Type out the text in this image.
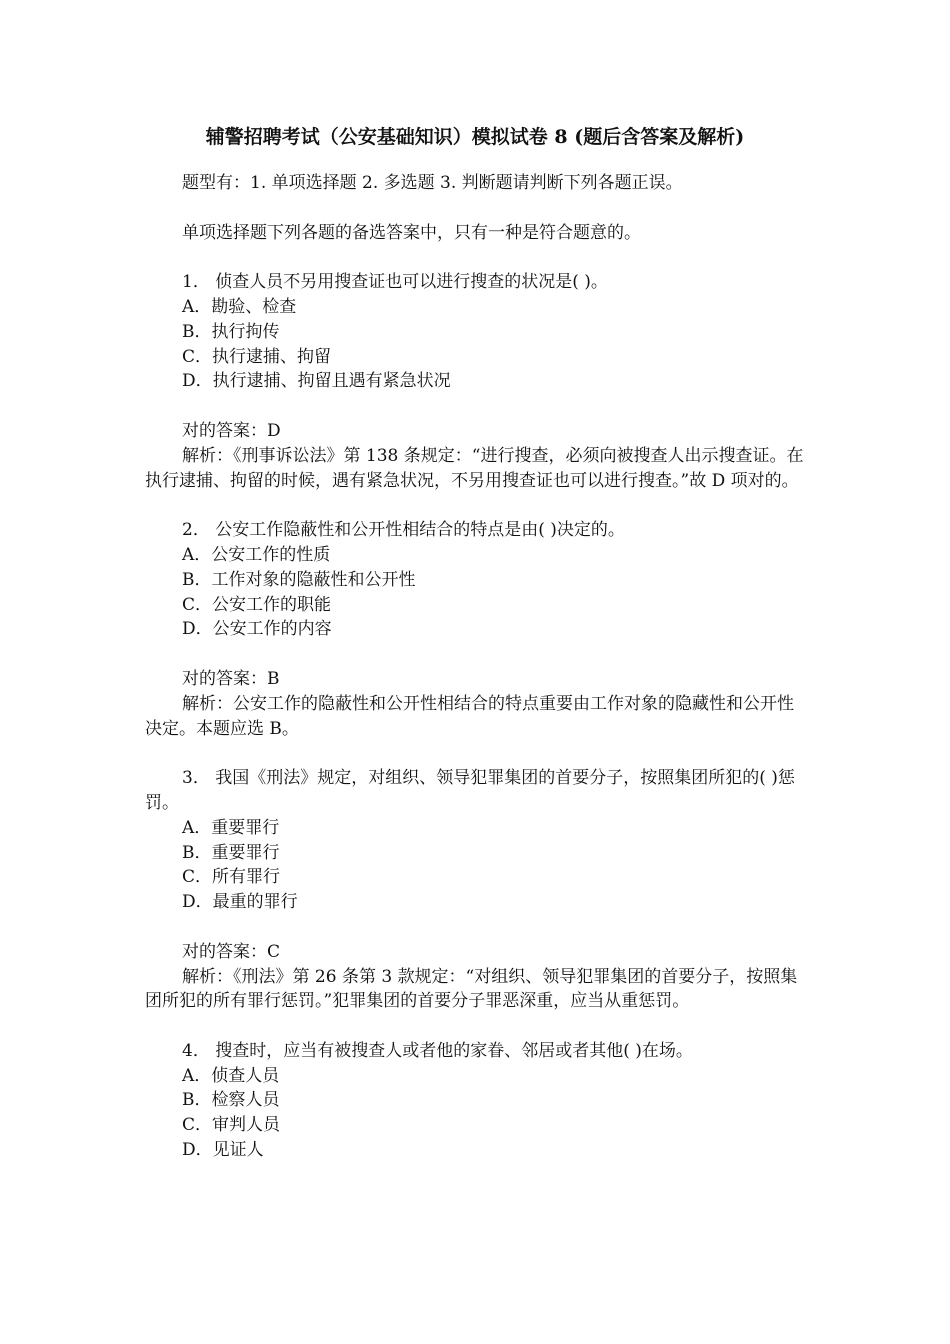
辅警招聘考试（公安基础知识）模拟试卷 8 (题后含答案及解析)

题型有：1. 单项选择题 2. 多选题 3. 判断题请判断下列各题正误。

单项选择题下列各题的备选答案中，只有一种是符合题意的。

1． 侦查人员不另用搜查证也可以进行搜查的状况是( )。

A．勘验、检查

B．执行拘传

C．执行逮捕、拘留

D．执行逮捕、拘留且遇有紧急状况

对的答案：D

解析：《刑事诉讼法》第 138 条规定：“进行搜查，必须向被搜查人出示搜查证。在执行逮捕、拘留的时候，遇有紧急状况，不另用搜查证也可以进行搜查。”故 D 项对的。

2． 公安工作隐蔽性和公开性相结合的特点是由( )决定的。

A．公安工作的性质

B．工作对象的隐蔽性和公开性

C．公安工作的职能

D．公安工作的内容

对的答案：B

解析：公安工作的隐蔽性和公开性相结合的特点重要由工作对象的隐藏性和公开性决定。本题应选 B。

3． 我国《刑法》规定，对组织、领导犯罪集团的首要分子，按照集团所犯的( )惩罚。

A．重要罪行

B．重要罪行

C．所有罪行

D．最重的罪行

对的答案：C

解析：《刑法》第 26 条第 3 款规定：“对组织、领导犯罪集团的首要分子，按照集团所犯的所有罪行惩罚。”犯罪集团的首要分子罪恶深重，应当从重惩罚。

4． 搜查时，应当有被搜查人或者他的家眷、邻居或者其他( )在场。

A．侦查人员

B．检察人员

C．审判人员

D．见证人
